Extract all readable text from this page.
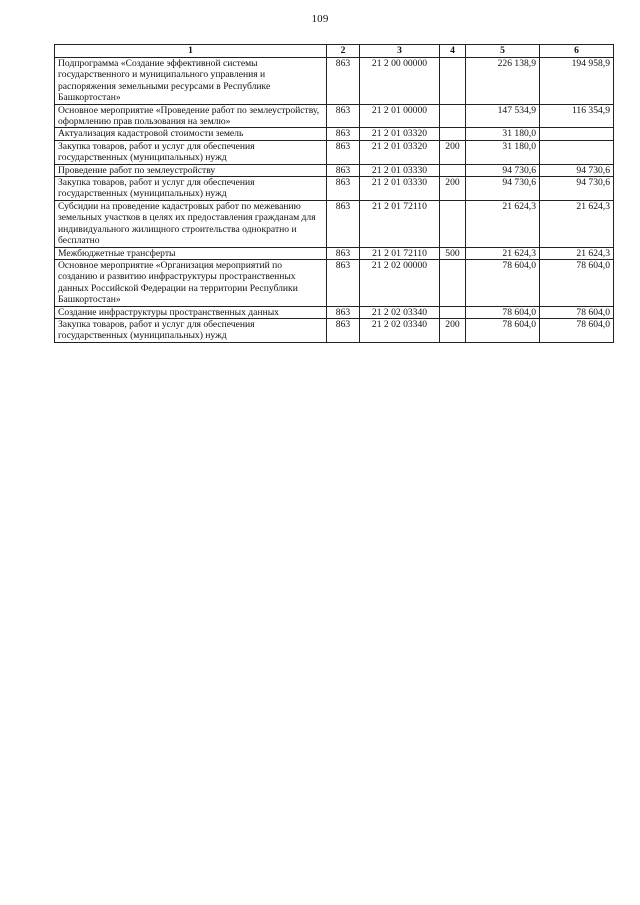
109
1	2	3	4	5	6
Подпрограмма «Создание эффективной системы государственного и муниципального управления и распоряжения земельными ресурсами в Республике Башкортостан»	863	21 2 00 00000		226 138,9	194 958,9
Основное мероприятие «Проведение работ по землеустройству, оформлению прав пользования на землю»	863	21 2 01 00000		147 534,9	116 354,9
Актуализация кадастровой стоимости земель	863	21 2 01 03320		31 180,0	
Закупка товаров, работ и услуг для обеспечения государственных (муниципальных) нужд	863	21 2 01 03320	200	31 180,0	
Проведение работ по землеустройству	863	21 2 01 03330		94 730,6	94 730,6
Закупка товаров, работ и услуг для обеспечения государственных (муниципальных) нужд	863	21 2 01 03330	200	94 730,6	94 730,6
Субсидии на проведение кадастровых работ по межеванию земельных участков в целях их предоставления гражданам для индивидуального жилищного строительства однократно и бесплатно	863	21 2 01 72110		21 624,3	21 624,3
Межбюджетные трансферты	863	21 2 01 72110	500	21 624,3	21 624,3
Основное мероприятие «Организация мероприятий по созданию и развитию инфраструктуры пространственных данных Российской Федерации на территории Республики Башкортостан»	863	21 2 02 00000		78 604,0	78 604,0
Создание инфраструктуры пространственных данных	863	21 2 02 03340		78 604,0	78 604,0
Закупка товаров, работ и услуг для обеспечения государственных (муниципальных) нужд	863	21 2 02 03340	200	78 604,0	78 604,0
